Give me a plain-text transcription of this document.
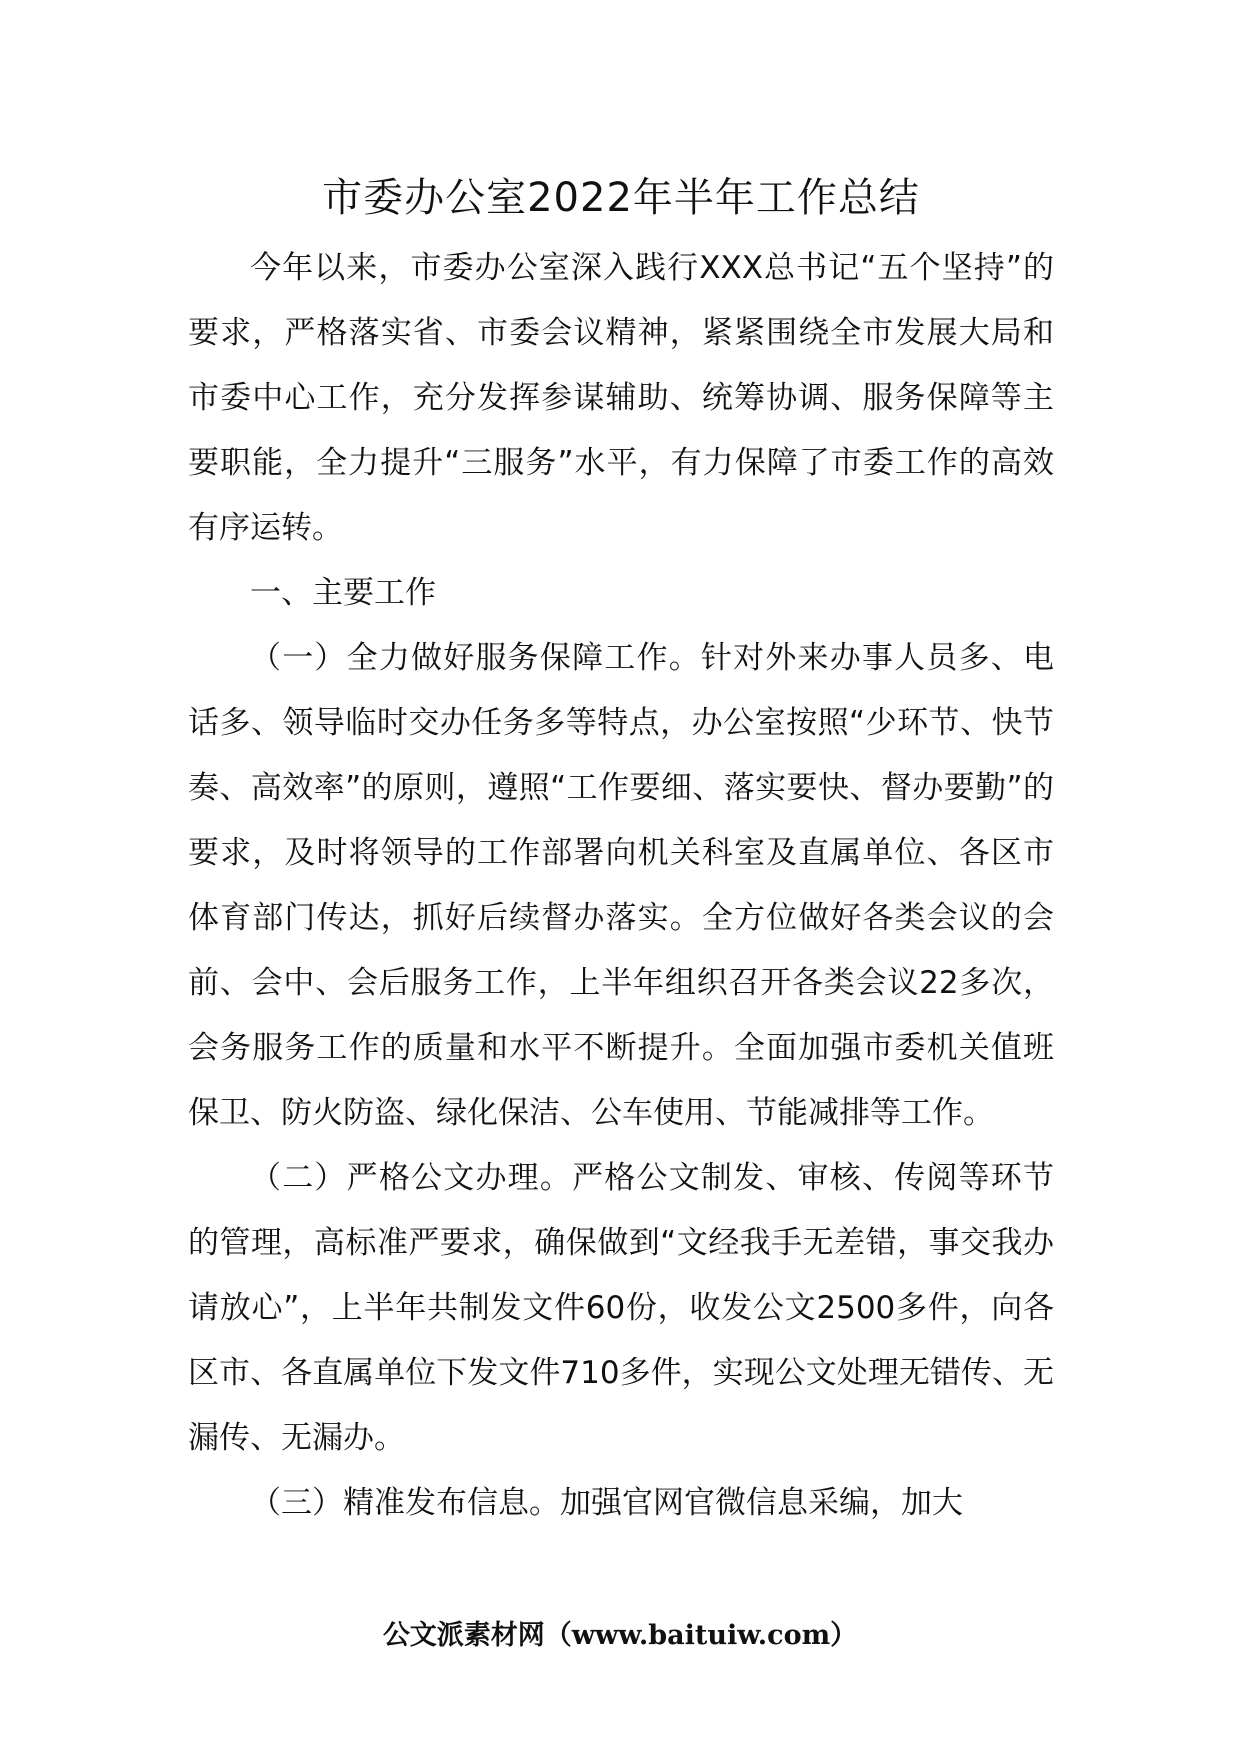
市委办公室2022年半年工作总结

今年以来，市委办公室深入践行XXX总书记“五个坚持”的要求，严格落实省、市委会议精神，紧紧围绕全市发展大局和市委中心工作，充分发挥参谋辅助、统筹协调、服务保障等主要职能，全力提升“三服务”水平，有力保障了市委工作的高效有序运转。

一、主要工作

（一）全力做好服务保障工作。针对外来办事人员多、电话多、领导临时交办任务多等特点，办公室按照“少环节、快节奏、高效率”的原则，遵照“工作要细、落实要快、督办要勤”的要求，及时将领导的工作部署向机关科室及直属单位、各区市体育部门传达，抓好后续督办落实。全方位做好各类会议的会前、会中、会后服务工作，上半年组织召开各类会议22多次，会务服务工作的质量和水平不断提升。全面加强市委机关值班保卫、防火防盗、绿化保洁、公车使用、节能减排等工作。

（二）严格公文办理。严格公文制发、审核、传阅等环节的管理，高标准严要求，确保做到“文经我手无差错，事交我办请放心”，上半年共制发文件60份，收发公文2500多件，向各区市、各直属单位下发文件710多件，实现公文处理无错传、无漏传、无漏办。

（三）精准发布信息。加强官网官微信息采编，加大

公文派素材网（www.baituiw.com）
